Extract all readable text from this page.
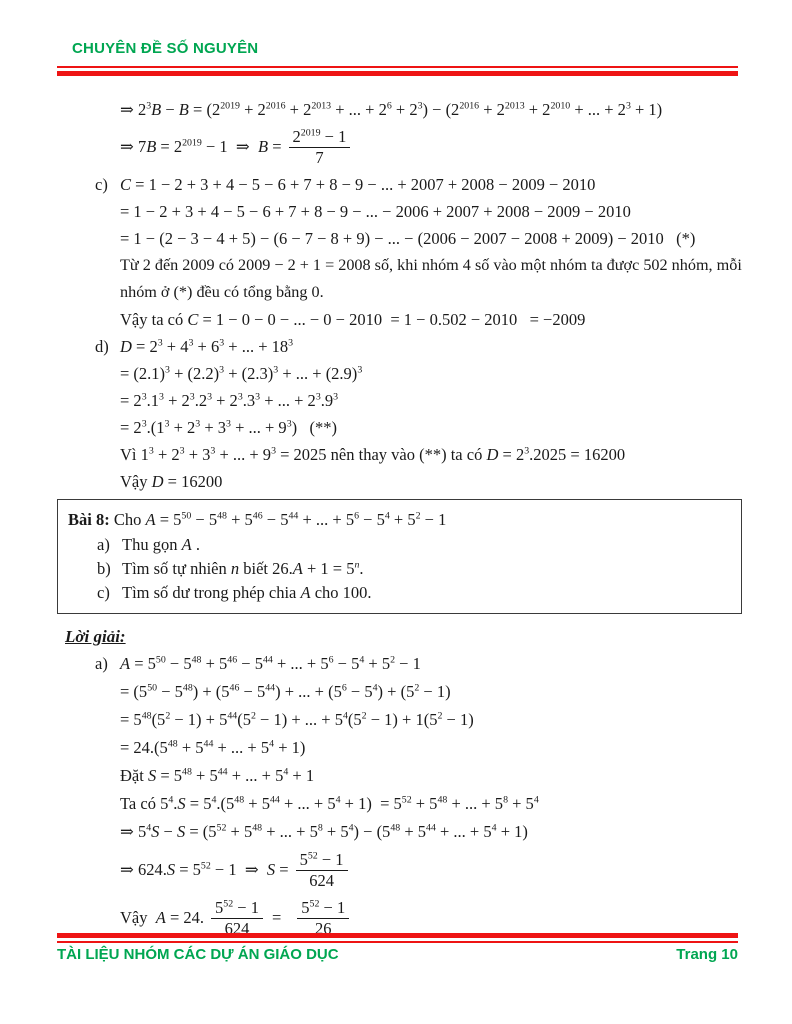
CHUYÊN ĐỀ SỐ NGUYÊN
⇒ $2^3B - B = (2^{2019} + 2^{2016} + 2^{2013}$ + ... + $2^6 + 2^3) - (2^{2016} + 2^{2013} + 2^{2010}$ + ... + $2^3 + 1$)
⇒ $7B = 2^{2019} - 1$  ⇒  $B = \frac{2^{2019} - 1}{7}$
c) C = 1 − 2 + 3 + 4 − 5 − 6 + 7 + 8 − 9 − ... + 2007 + 2008 − 2009 − 2010
= 1 − 2 + 3 + 4 − 5 − 6 + 7 + 8 − 9 − ... − 2006 + 2007 + 2008 − 2009 − 2010
= 1 − (2 − 3 − 4 + 5) − (6 − 7 − 8 + 9) − ... − (2006 − 2007 − 2008 + 2009) − 2010   (*)
Từ 2 đến 2009 có 2009 − 2 + 1 = 2008 số, khi nhóm 4 số vào một nhóm ta được 502 nhóm, mỗi
nhóm ở (*) đều có tổng bằng 0.
Vậy ta có C = 1 − 0 − 0 − ... − 0 − 2010  = 1 − 0.502 − 2010   = −2009
d) $D = 2^3 + 4^3 + 6^3$ + ... + $18^3$
= $(2.1)^3 + (2.2)^3 + (2.3)^3$ + ... + $(2.9)^3$
= $2^3.1^3 + 2^3.2^3 + 2^3.3^3$ + ... + $2^3.9^3$
= $2^3.(1^3 + 2^3 + 3^3$ + ... + $9^3$)   (**)
Vì $1^3 + 2^3 + 3^3$ + ... + $9^3 = 2025$ nên thay vào (**) ta có $D = 2^3.2025 = 16200$
Vậy D = 16200
Bài 8: Cho $A = 5^{50} - 5^{48} + 5^{46} - 5^{44}$ + ... + $5^6 - 5^4 + 5^2 - 1$
a) Thu gọn A .
b) Tìm số tự nhiên n biết $26.A + 1 = 5^n$.
c) Tìm số dư trong phép chia A cho 100.
Lời giải:
a) $A = 5^{50} - 5^{48} + 5^{46} - 5^{44}$ + ... + $5^6 - 5^4 + 5^2 - 1$
= $(5^{50} - 5^{48}) + (5^{46} - 5^{44})$ + ... + $(5^6 - 5^4) + (5^2 - 1)$
= $5^{48}(5^2 - 1) + 5^{44}(5^2 - 1)$ + ... + $5^4(5^2 - 1) + 1(5^2 - 1)$
= $24.(5^{48} + 5^{44}$ + ... + $5^4 + 1$)
Đặt $S = 5^{48} + 5^{44}$ + ... + $5^4 + 1$
Ta có $5^4.S = 5^4.(5^{48} + 5^{44}$ + ... + $5^4 + 1) = 5^{52} + 5^{48}$ + ... + $5^8 + 5^4$
⇒ $5^4S - S = (5^{52} + 5^{48}$ + ... + $5^8 + 5^4) - (5^{48} + 5^{44}$ + ... + $5^4 + 1$)
⇒ $624.S = 5^{52} - 1$  ⇒  $S = \frac{5^{52} - 1}{624}$
Vậy  A = 24. $\frac{5^{52} - 1}{624} = \frac{5^{52} - 1}{26}$
TÀI LIỆU NHÓM CÁC DỰ ÁN GIÁO DỤC	Trang 10
